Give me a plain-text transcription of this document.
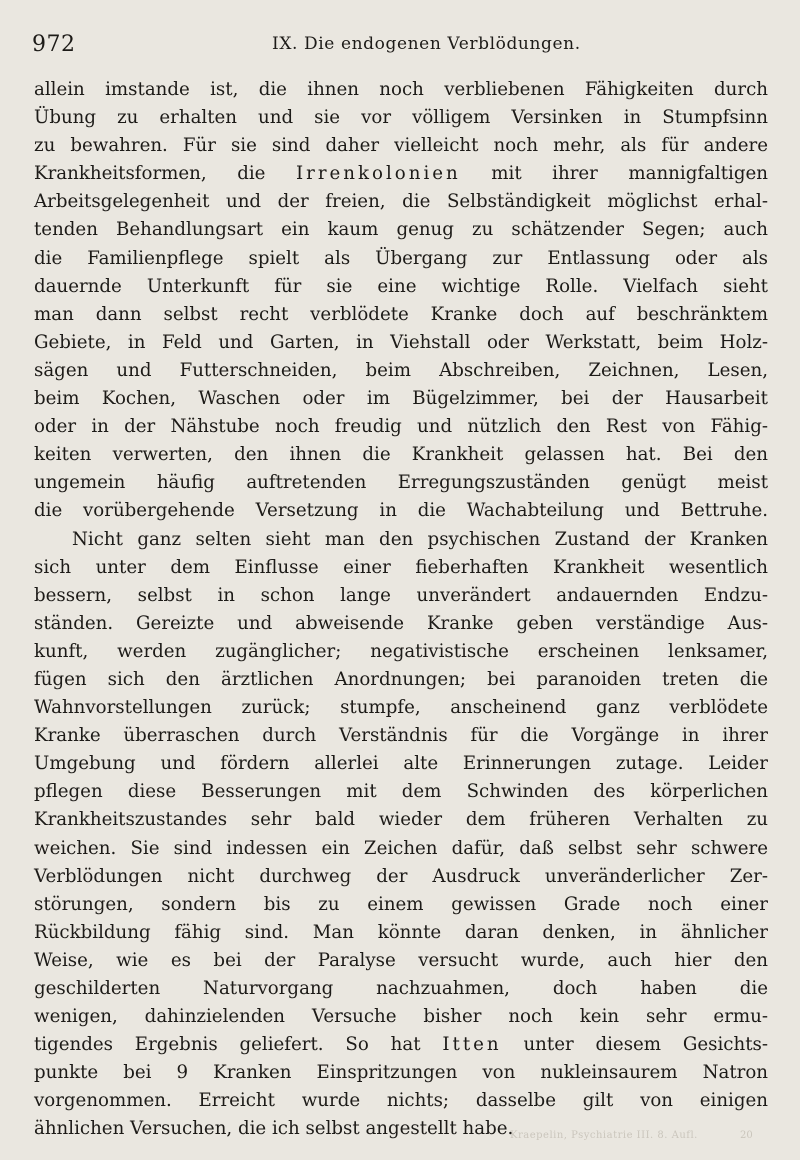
972	IX. Die endogenen Verblödungen.
allein imstande ist, die ihnen noch verbliebenen Fähigkeiten durch
Übung zu erhalten und sie vor völligem Versinken in Stumpfsinn
zu bewahren. Für sie sind daher vielleicht noch mehr, als für andere
Krankheitsformen, die Irrenkolonien mit ihrer mannigfaltigen
Arbeitsgelegenheit und der freien, die Selbständigkeit möglichst erhal-
tenden Behandlungsart ein kaum genug zu schätzender Segen; auch
die Familienpflege spielt als Übergang zur Entlassung oder als
dauernde Unterkunft für sie eine wichtige Rolle. Vielfach sieht
man dann selbst recht verblödete Kranke doch auf beschränktem
Gebiete, in Feld und Garten, in Viehstall oder Werkstatt, beim Holz-
sägen und Futterschneiden, beim Abschreiben, Zeichnen, Lesen,
beim Kochen, Waschen oder im Bügelzimmer, bei der Hausarbeit
oder in der Nähstube noch freudig und nützlich den Rest von Fähig-
keiten verwerten, den ihnen die Krankheit gelassen hat. Bei den
ungemein häufig auftretenden Erregungszuständen genügt meist
die vorübergehende Versetzung in die Wachabteilung und Bettruhe.
Nicht ganz selten sieht man den psychischen Zustand der Kranken
sich unter dem Einflusse einer fieberhaften Krankheit wesentlich
bessern, selbst in schon lange unverändert andauernden Endzu-
ständen. Gereizte und abweisende Kranke geben verständige Aus-
kunft, werden zugänglicher; negativistische erscheinen lenksamer,
fügen sich den ärztlichen Anordnungen; bei paranoiden treten die
Wahnvorstellungen zurück; stumpfe, anscheinend ganz verblödete
Kranke überraschen durch Verständnis für die Vorgänge in ihrer
Umgebung und fördern allerlei alte Erinnerungen zutage. Leider
pflegen diese Besserungen mit dem Schwinden des körperlichen
Krankheitszustandes sehr bald wieder dem früheren Verhalten zu
weichen. Sie sind indessen ein Zeichen dafür, daß selbst sehr schwere
Verblödungen nicht durchweg der Ausdruck unveränderlicher Zer-
störungen, sondern bis zu einem gewissen Grade noch einer
Rückbildung fähig sind. Man könnte daran denken, in ähnlicher
Weise, wie es bei der Paralyse versucht wurde, auch hier den
geschilderten Naturvorgang nachzuahmen, doch haben die
wenigen, dahinzielenden Versuche bisher noch kein sehr ermu-
tigendes Ergebnis geliefert. So hat Itten unter diesem Gesichts-
punkte bei 9 Kranken Einspritzungen von nukleinsaurem Natron
vorgenommen. Erreicht wurde nichts; dasselbe gilt von einigen
ähnlichen Versuchen, die ich selbst angestellt habe.
Kraepelin, Psychiatrie III. 8. Aufl.	20
